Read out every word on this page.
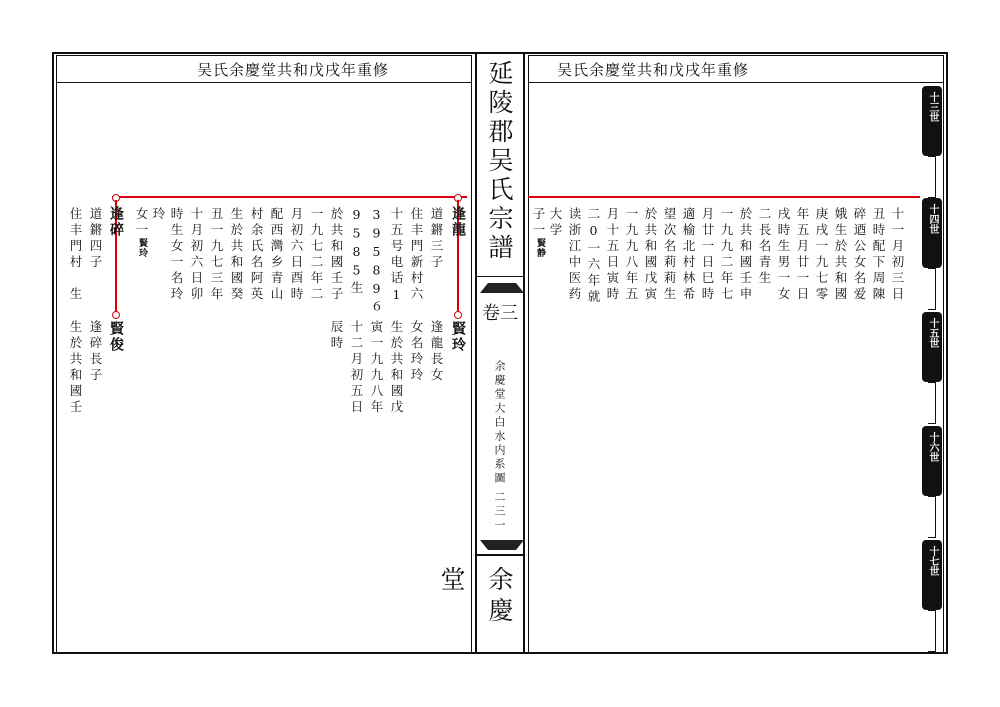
吴氏余慶堂共和戊戌年重修
逢龍
賢玲
道鏘三子
住丰門新村六
十五号电话1
39589６
9585生
於共和國壬子
逢龍長女
女名玲玲
生於共和國戊
寅一九九八年
十二月初五日
辰時
一九七二年二
月初六日酉時
配西灣乡青山
村余氏名阿英
生於共和國癸
丑一九七三年
十月初六日卯
時生女一名玲
玲
女一
賢玲
逢碎
賢俊
道鏘四子
住丰門村　生
逢碎長子
生於共和國壬
延陵郡吴氏宗譜
卷三
余慶堂大白水内系圖
二三一
余慶堂
吴氏余慶堂共和戊戌年重修
十一月初三日
丑時配下周陳
碎迺公女名爱
娥生於共和國
庚戌一九七零
年五月廿一日
戌時生男一女
二長名青生
於共和國壬申
一九九二年七
月廿一日巳時
適榆北村林希
望次名莉莉生
於共和國戊寅
一九九八年五
月十五日寅時
二0一六年就
读浙江中医药
大学
子一
賢静
十三世
十四世
十五世
十六世
十七世
